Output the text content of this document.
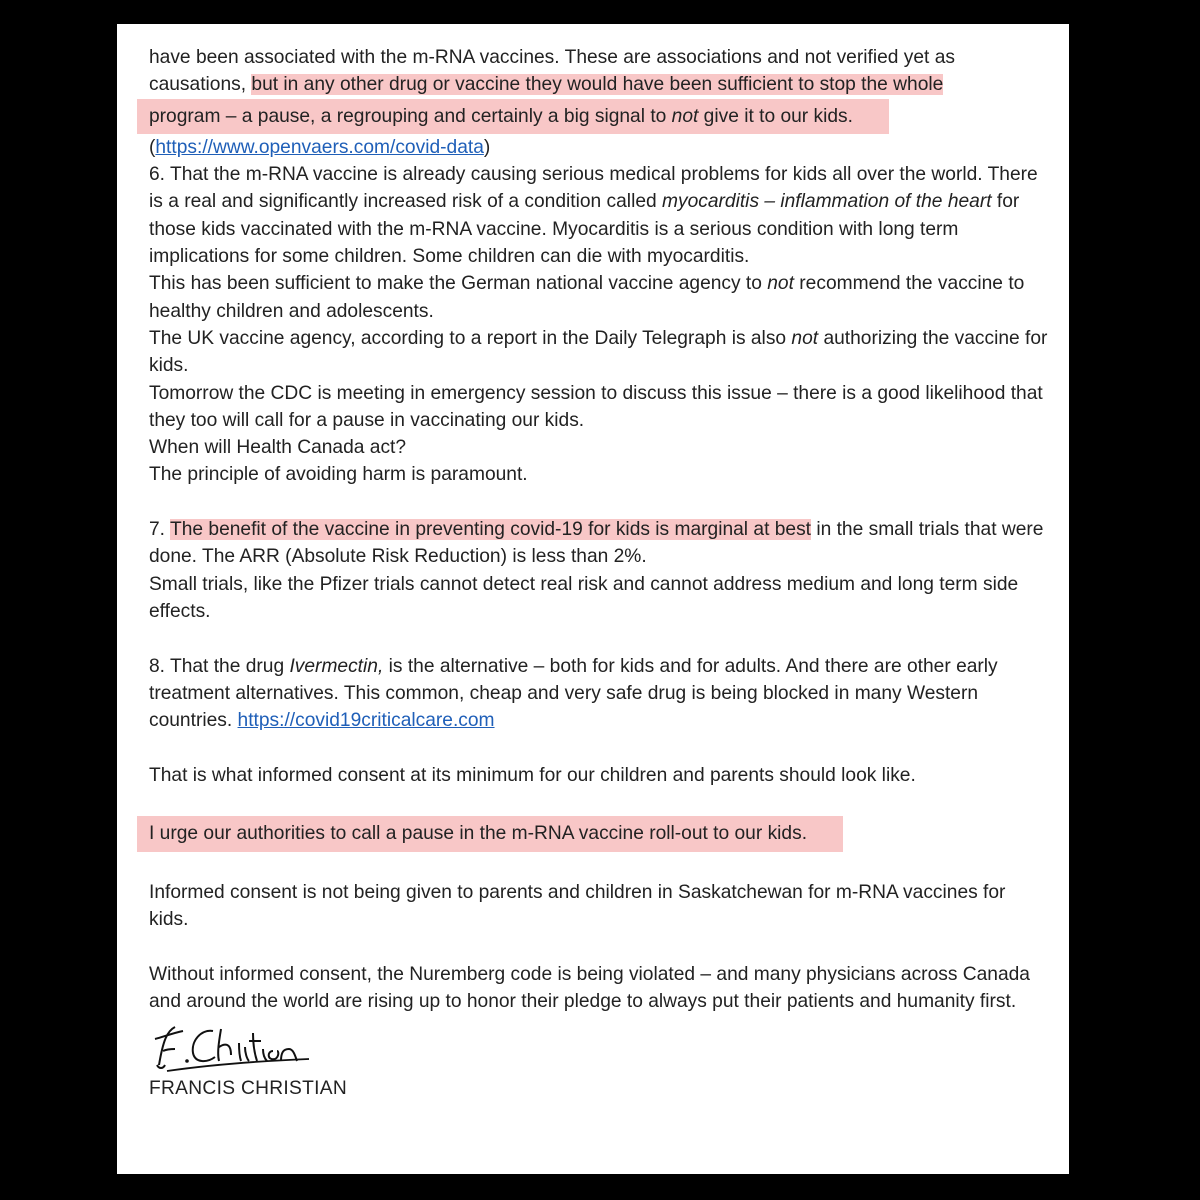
have been associated with the m-RNA vaccines. These are associations and not verified yet as
causations, but in any other drug or vaccine they would have been sufficient to stop the whole
program – a pause, a regrouping and certainly a big signal to not give it to our kids.
(https://www.openvaers.com/covid-data)

6. That the m-RNA vaccine is already causing serious medical problems for kids all over the world. There is a real and significantly increased risk of a condition called myocarditis – inflammation of the heart for those kids vaccinated with the m-RNA vaccine. Myocarditis is a serious condition with long term implications for some children. Some children can die with myocarditis.

This has been sufficient to make the German national vaccine agency to not recommend the vaccine to healthy children and adolescents.

The UK vaccine agency, according to a report in the Daily Telegraph is also not authorizing the vaccine for kids.

Tomorrow the CDC is meeting in emergency session to discuss this issue – there is a good likelihood that they too will call for a pause in vaccinating our kids.

When will Health Canada act?

The principle of avoiding harm is paramount.

7. The benefit of the vaccine in preventing covid-19 for kids is marginal at best in the small trials that were done. The ARR (Absolute Risk Reduction) is less than 2%.

Small trials, like the Pfizer trials cannot detect real risk and cannot address medium and long term side effects.

8. That the drug Ivermectin, is the alternative – both for kids and for adults. And there are other early treatment alternatives. This common, cheap and very safe drug is being blocked in many Western countries. https://covid19criticalcare.com

That is what informed consent at its minimum for our children and parents should look like.

I urge our authorities to call a pause in the m-RNA vaccine roll-out to our kids.

Informed consent is not being given to parents and children in Saskatchewan for m-RNA vaccines for kids.

Without informed consent, the Nuremberg code is being violated – and many physicians across Canada and around the world are rising up to honor their pledge to always put their patients and humanity first.

FRANCIS CHRISTIAN
